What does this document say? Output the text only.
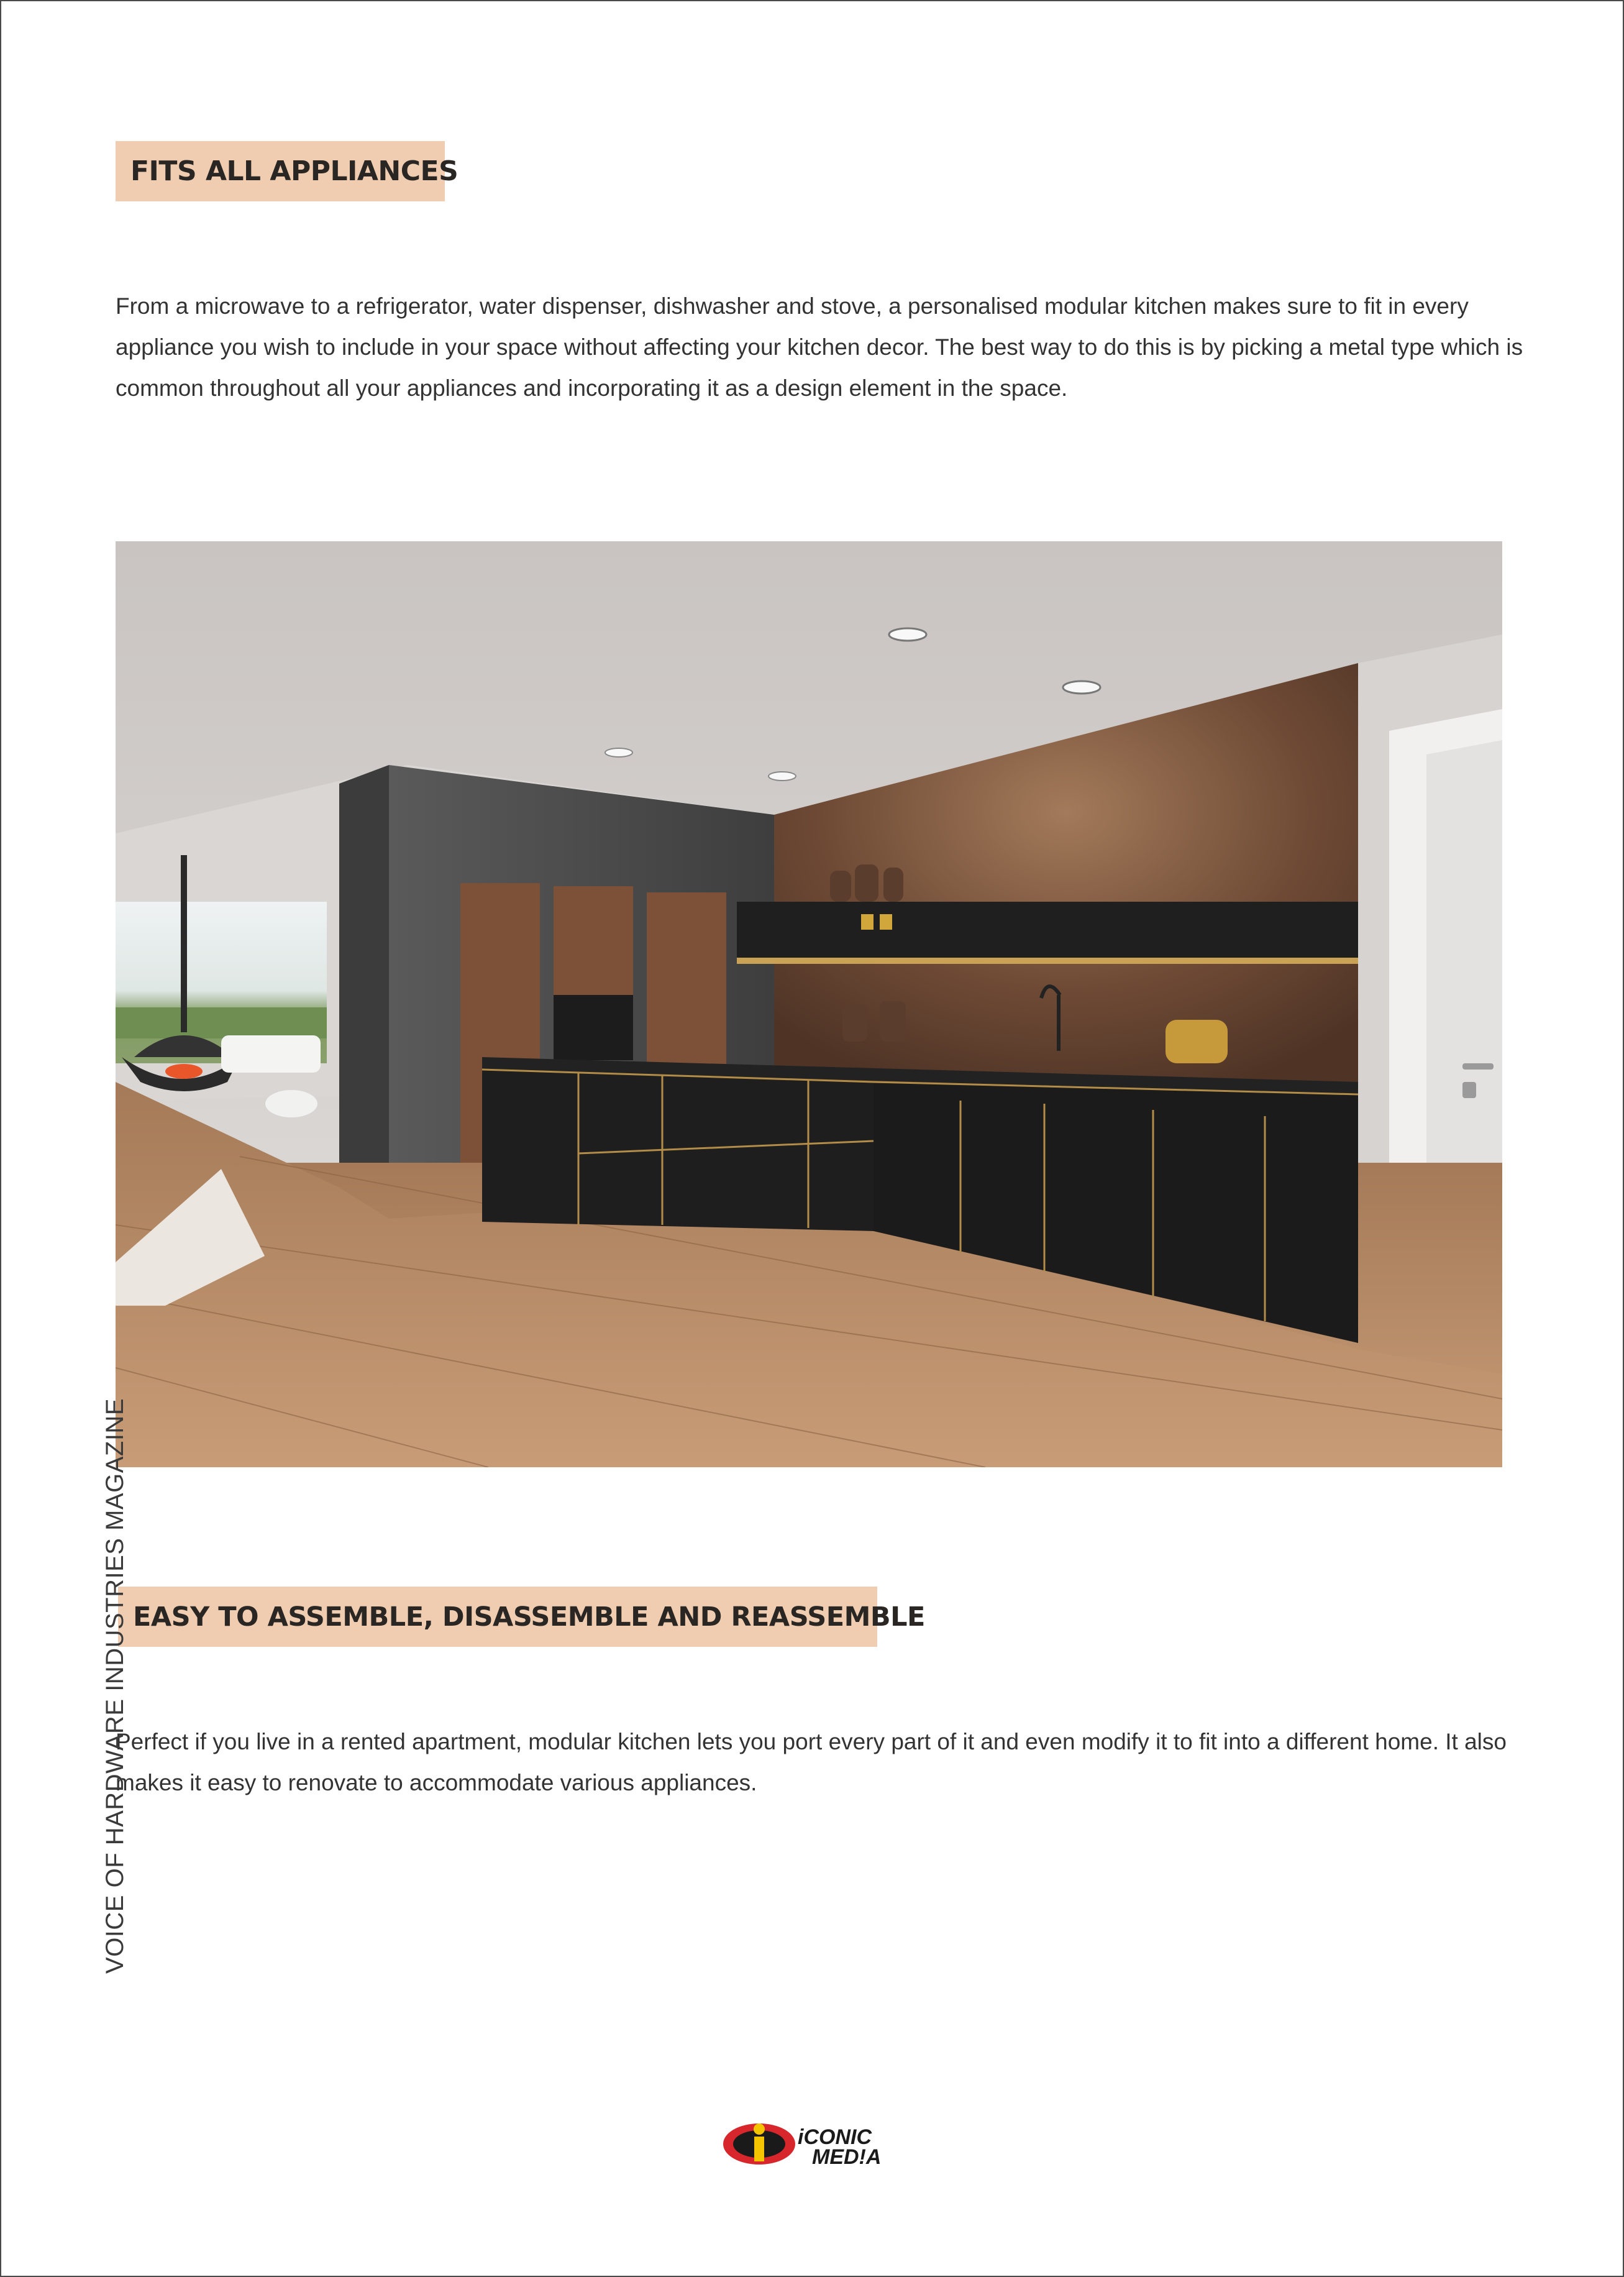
FITS ALL APPLIANCES

From a microwave to a refrigerator, water dispenser, dishwasher and stove, a personalised modular kitchen makes sure to fit in every appliance you wish to include in your space without affecting your kitchen decor. The best way to do this is by picking a metal type which is common throughout all your appliances and incorporating it as a design element in the space.

EASY TO ASSEMBLE, DISASSEMBLE AND REASSEMBLE

Perfect if you live in a rented apartment, modular kitchen lets you port every part of it and even modify it to fit into a different home. It also makes it easy to renovate to accommodate various appliances.

VOICE OF HARDWARE INDUSTRIES MAGAZINE
iCONIC
MED!A
